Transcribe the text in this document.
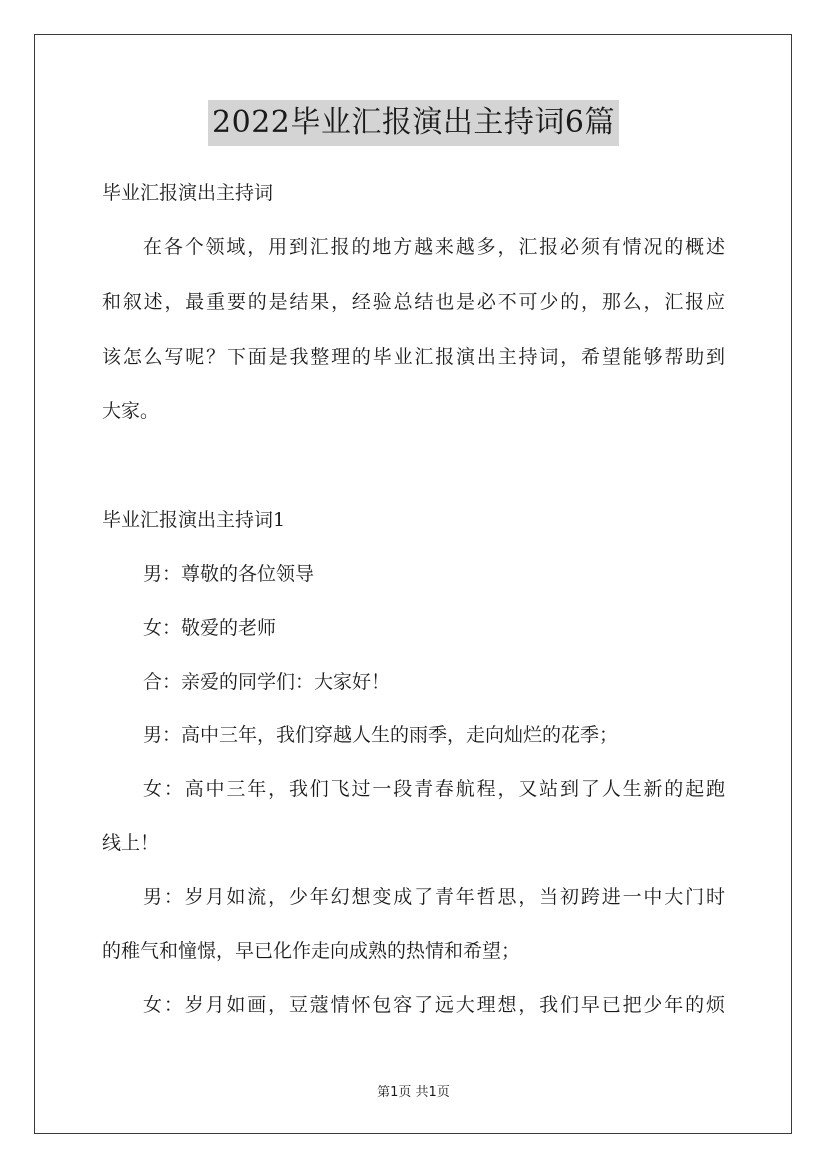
2022毕业汇报演出主持词6篇
毕业汇报演出主持词
在各个领域，用到汇报的地方越来越多，汇报必须有情况的概述
和叙述，最重要的是结果，经验总结也是必不可少的，那么，汇报应
该怎么写呢？下面是我整理的毕业汇报演出主持词，希望能够帮助到
大家。
毕业汇报演出主持词1
男：尊敬的各位领导
女：敬爱的老师
合：亲爱的同学们：大家好！
男：高中三年，我们穿越人生的雨季，走向灿烂的花季；
女：高中三年，我们飞过一段青春航程，又站到了人生新的起跑
线上！
男：岁月如流，少年幻想变成了青年哲思，当初跨进一中大门时
的稚气和憧憬，早已化作走向成熟的热情和希望；
女：岁月如画，豆蔻情怀包容了远大理想，我们早已把少年的烦
第1页 共1页
